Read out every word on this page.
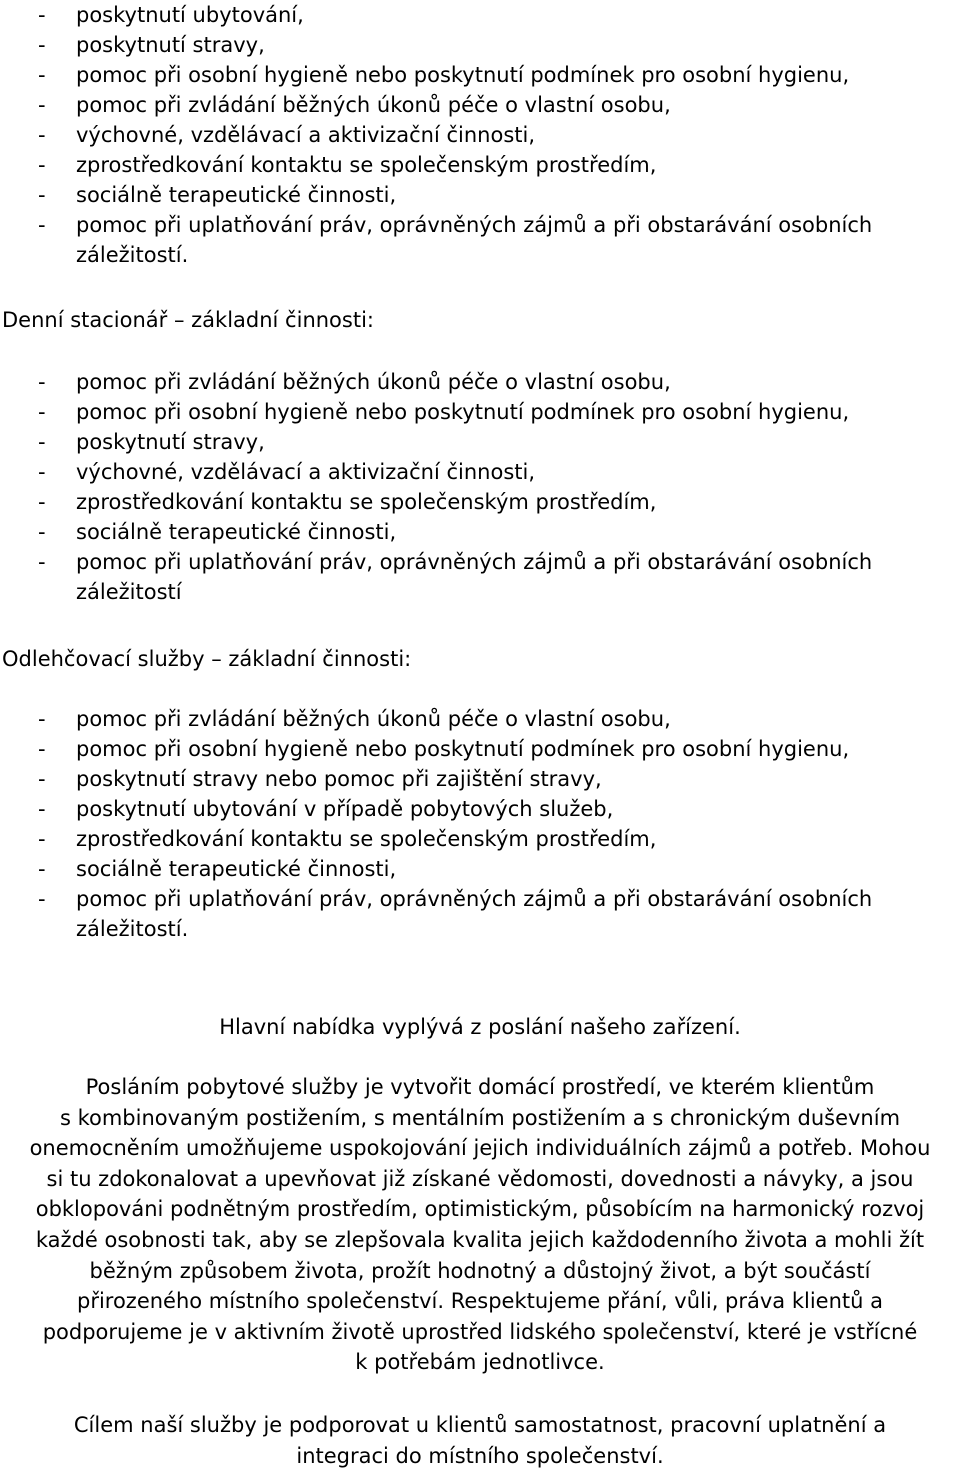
- poskytnutí ubytování,
- poskytnutí stravy,
- pomoc při osobní hygieně nebo poskytnutí podmínek pro osobní hygienu,
- pomoc při zvládání běžných úkonů péče o vlastní osobu,
- výchovné, vzdělávací a aktivizační činnosti,
- zprostředkování kontaktu se společenským prostředím,
- sociálně terapeutické činnosti,
- pomoc při uplatňování práv, oprávněných zájmů a při obstarávání osobních záležitostí.
Denní stacionář – základní činnosti:
- pomoc při zvládání běžných úkonů péče o vlastní osobu,
- pomoc při osobní hygieně nebo poskytnutí podmínek pro osobní hygienu,
- poskytnutí stravy,
- výchovné, vzdělávací a aktivizační činnosti,
- zprostředkování kontaktu se společenským prostředím,
- sociálně terapeutické činnosti,
- pomoc při uplatňování práv, oprávněných zájmů a při obstarávání osobních záležitostí
Odlehčovací služby – základní činnosti:
- pomoc při zvládání běžných úkonů péče o vlastní osobu,
- pomoc při osobní hygieně nebo poskytnutí podmínek pro osobní hygienu,
- poskytnutí stravy nebo pomoc při zajištění stravy,
- poskytnutí ubytování v případě pobytových služeb,
- zprostředkování kontaktu se společenským prostředím,
- sociálně terapeutické činnosti,
- pomoc při uplatňování práv, oprávněných zájmů a při obstarávání osobních záležitostí.

Hlavní nabídka vyplývá z poslání našeho zařízení.

Posláním pobytové služby je vytvořit domácí prostředí, ve kterém klientům
s kombinovaným postižením, s mentálním postižením a s chronickým duševním
onemocněním umožňujeme uspokojování jejich individuálních zájmů a potřeb. Mohou
si tu zdokonalovat a upevňovat již získané vědomosti, dovednosti a návyky, a jsou
obklopováni podnětným prostředím, optimistickým, působícím na harmonický rozvoj
každé osobnosti tak, aby se zlepšovala kvalita jejich každodenního života a mohli žít
běžným způsobem života, prožít hodnotný a důstojný život, a být součástí
přirozeného místního společenství. Respektujeme přání, vůli, práva klientů a
podporujeme je v aktivním životě uprostřed lidského společenství, které je vstřícné
k potřebám jednotlivce.
Cílem naší služby je podporovat u klientů samostatnost, pracovní uplatnění a
integraci do místního společenství.
